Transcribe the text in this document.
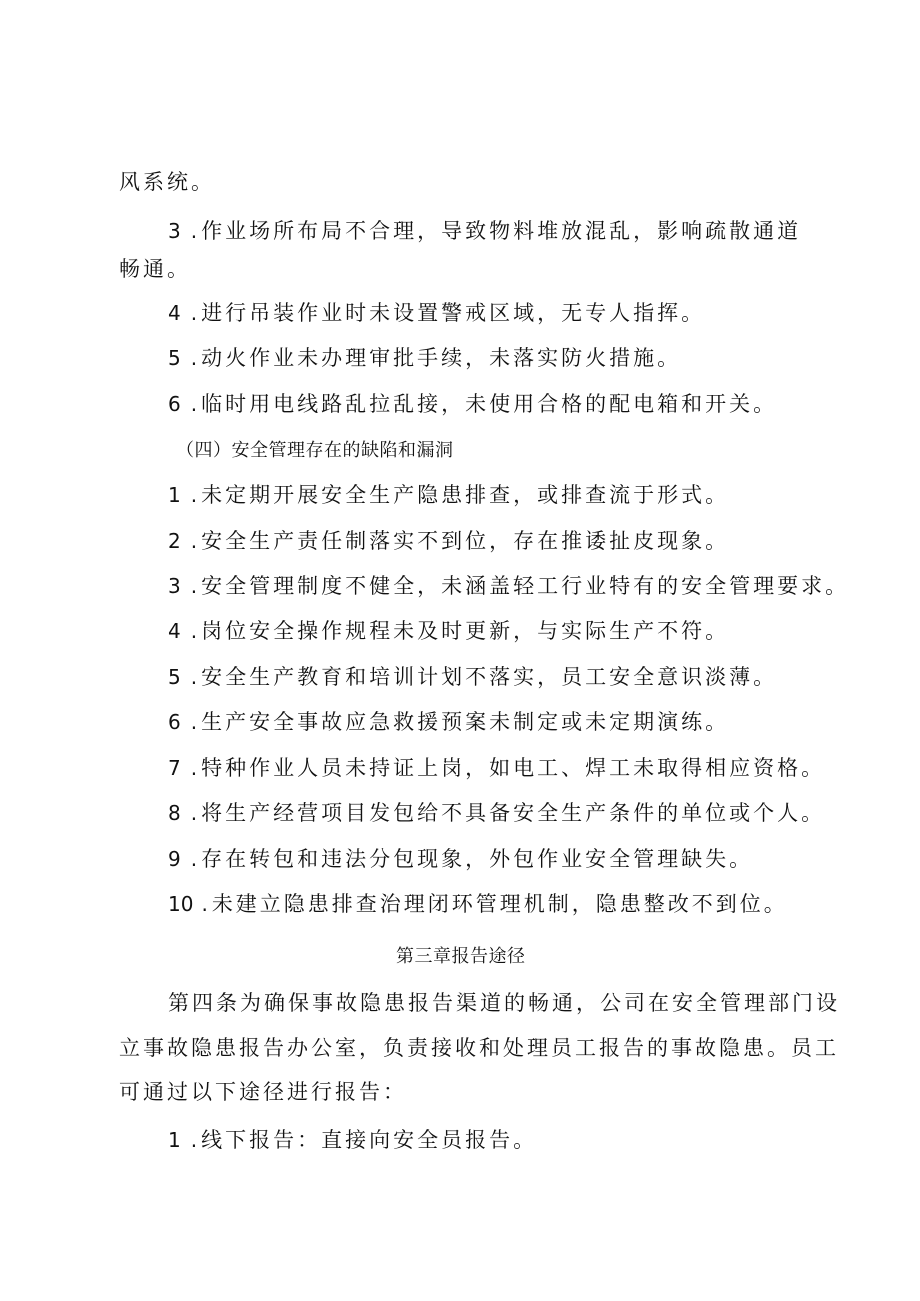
风系统。
3 . 作业场所布局不合理，导致物料堆放混乱，影响疏散通道
畅通。
4 . 进行吊装作业时未设置警戒区域，无专人指挥。
5 . 动火作业未办理审批手续，未落实防火措施。
6 . 临时用电线路乱拉乱接，未使用合格的配电箱和开关。
（四）安全管理存在的缺陷和漏洞
1 . 未定期开展安全生产隐患排查，或排查流于形式。
2 . 安全生产责任制落实不到位，存在推诿扯皮现象。
3 . 安全管理制度不健全，未涵盖轻工行业特有的安全管理要求。
4 . 岗位安全操作规程未及时更新，与实际生产不符。
5 . 安全生产教育和培训计划不落实，员工安全意识淡薄。
6 . 生产安全事故应急救援预案未制定或未定期演练。
7 . 特种作业人员未持证上岗，如电工、焊工未取得相应资格。
8 . 将生产经营项目发包给不具备安全生产条件的单位或个人。
9 . 存在转包和违法分包现象，外包作业安全管理缺失。
10 . 未建立隐患排查治理闭环管理机制，隐患整改不到位。
第三章报告途径
第四条为确保事故隐患报告渠道的畅通，公司在安全管理部门设
立事故隐患报告办公室，负责接收和处理员工报告的事故隐患。员工
可通过以下途径进行报告：
1 . 线下报告：直接向安全员报告。
